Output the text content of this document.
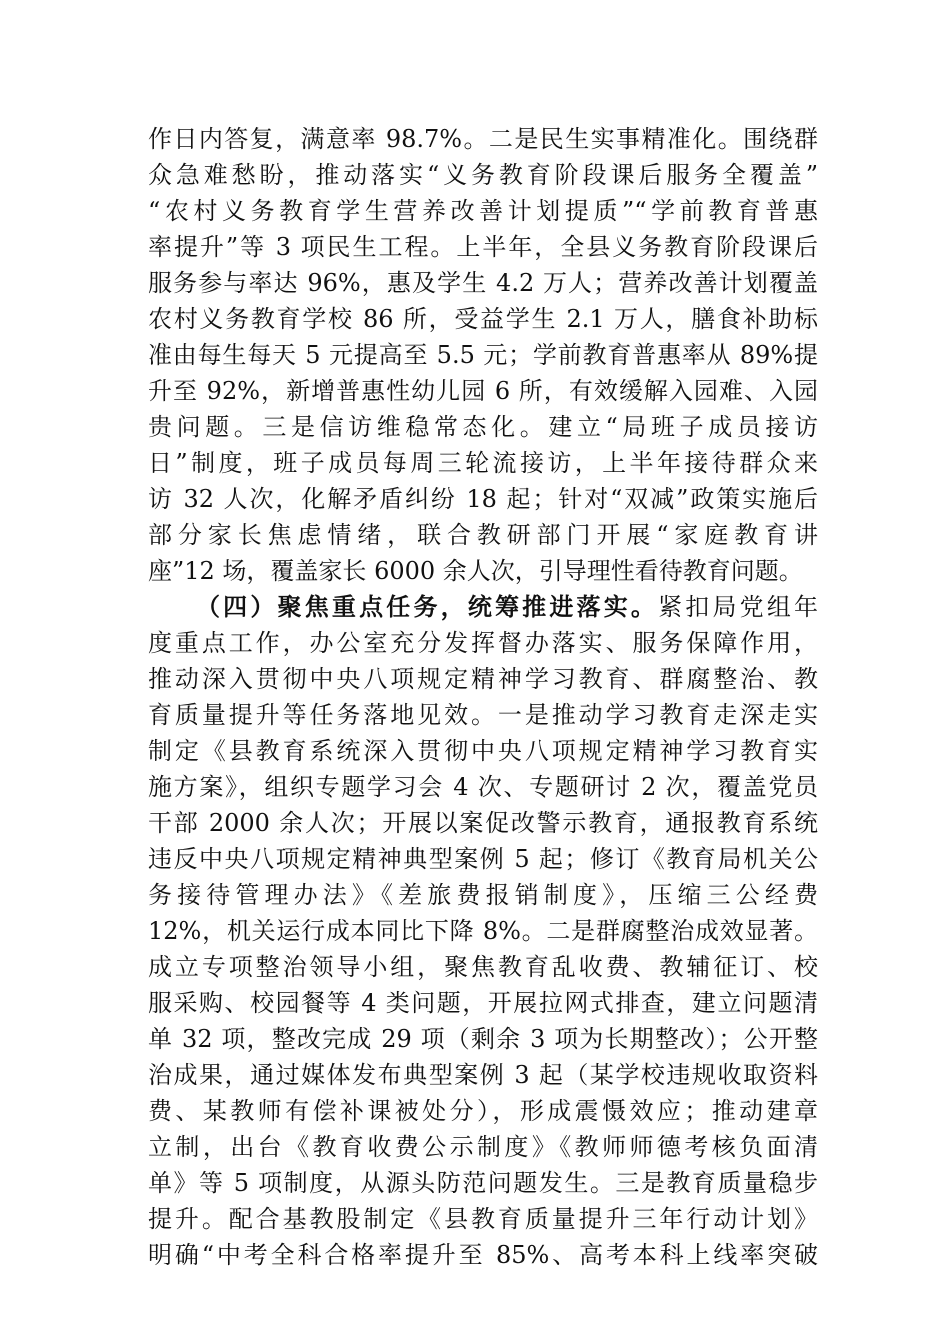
作日内答复，满意率 98.7%。二是民生实事精准化。围绕群
众急难愁盼，推动落实“义务教育阶段课后服务全覆盖”
“农村义务教育学生营养改善计划提质”“学前教育普惠
率提升”等 3 项民生工程。上半年，全县义务教育阶段课后
服务参与率达 96%，惠及学生 4.2 万人；营养改善计划覆盖
农村义务教育学校 86 所，受益学生 2.1 万人，膳食补助标
准由每生每天 5 元提高至 5.5 元；学前教育普惠率从 89%提
升至 92%，新增普惠性幼儿园 6 所，有效缓解入园难、入园
贵问题。三是信访维稳常态化。建立“局班子成员接访
日”制度，班子成员每周三轮流接访，上半年接待群众来
访 32 人次，化解矛盾纠纷 18 起；针对“双减”政策实施后
部分家长焦虑情绪，联合教研部门开展“家庭教育讲
座”12 场，覆盖家长 6000 余人次，引导理性看待教育问题。
（四）聚焦重点任务，统筹推进落实。紧扣局党组年
度重点工作，办公室充分发挥督办落实、服务保障作用，
推动深入贯彻中央八项规定精神学习教育、群腐整治、教
育质量提升等任务落地见效。一是推动学习教育走深走实
制定《县教育系统深入贯彻中央八项规定精神学习教育实
施方案》，组织专题学习会 4 次、专题研讨 2 次，覆盖党员
干部 2000 余人次；开展以案促改警示教育，通报教育系统
违反中央八项规定精神典型案例 5 起；修订《教育局机关公
务接待管理办法》《差旅费报销制度》，压缩三公经费
12%，机关运行成本同比下降 8%。二是群腐整治成效显著。
成立专项整治领导小组，聚焦教育乱收费、教辅征订、校
服采购、校园餐等 4 类问题，开展拉网式排查，建立问题清
单 32 项，整改完成 29 项（剩余 3 项为长期整改）；公开整
治成果，通过媒体发布典型案例 3 起（某学校违规收取资料
费、某教师有偿补课被处分），形成震慑效应；推动建章
立制，出台《教育收费公示制度》《教师师德考核负面清
单》等 5 项制度，从源头防范问题发生。三是教育质量稳步
提升。配合基教股制定《县教育质量提升三年行动计划》
明确“中考全科合格率提升至 85%、高考本科上线率突破
